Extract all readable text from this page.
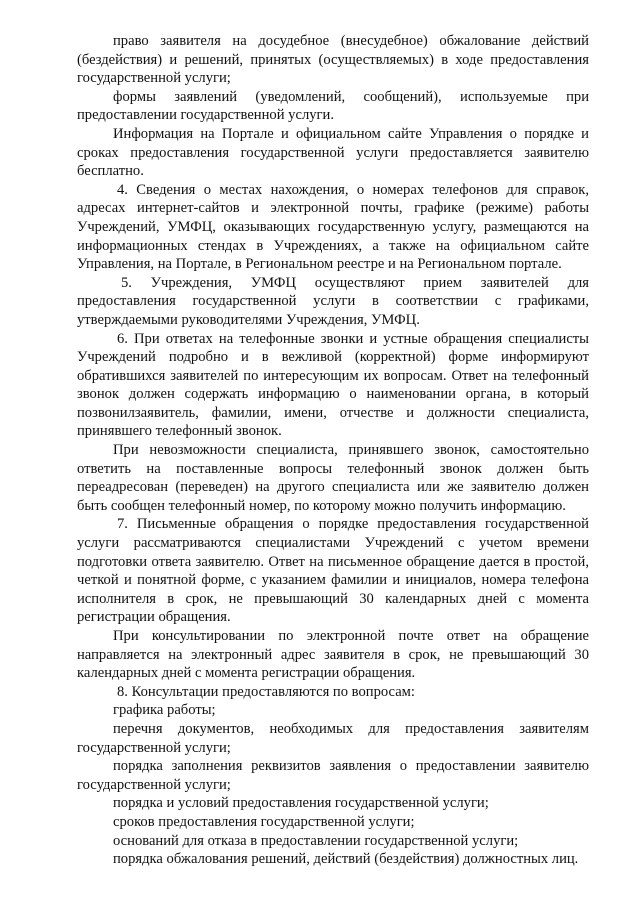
право заявителя на досудебное (внесудебное) обжалование действий (бездействия) и решений, принятых (осуществляемых) в ходе предоставления государственной услуги;

формы заявлений (уведомлений, сообщений), используемые при предоставлении государственной услуги.

Информация на Портале и официальном сайте Управления о порядке и сроках предоставления государственной услуги предоставляется заявителю бесплатно.

4. Сведения о местах нахождения, о номерах телефонов для справок, адресах интернет-сайтов и электронной почты, графике (режиме) работы Учреждений, УМФЦ, оказывающих государственную услугу, размещаются на информационных стендах в Учреждениях, а также на официальном сайте Управления, на Портале, в Региональном реестре и на Региональном портале.

5. Учреждения, УМФЦ осуществляют прием заявителей для предоставления государственной услуги в соответствии с графиками, утверждаемыми руководителями Учреждения, УМФЦ.

6. При ответах на телефонные звонки и устные обращения специалисты Учреждений подробно и в вежливой (корректной) форме информируют обратившихся заявителей по интересующим их вопросам. Ответ на телефонный звонок должен содержать информацию о наименовании органа, в который позвонилзаявитель, фамилии, имени, отчестве и должности специалиста, принявшего телефонный звонок.

При невозможности специалиста, принявшего звонок, самостоятельно ответить на поставленные вопросы телефонный звонок должен быть переадресован (переведен) на другого специалиста или же заявителю должен быть сообщен телефонный номер, по которому можно получить информацию.

7. Письменные обращения о порядке предоставления государственной услуги рассматриваются специалистами Учреждений с учетом времени подготовки ответа заявителю. Ответ на письменное обращение дается в простой, четкой и понятной форме, с указанием фамилии и инициалов, номера телефона исполнителя в срок, не превышающий 30 календарных дней с момента регистрации обращения.

При консультировании по электронной почте ответ на обращение направляется на электронный адрес заявителя в срок, не превышающий 30 календарных дней с момента регистрации обращения.

8. Консультации предоставляются по вопросам:

графика работы;

перечня документов, необходимых для предоставления заявителям государственной услуги;

порядка заполнения реквизитов заявления о предоставлении заявителю государственной услуги;

порядка и условий предоставления государственной услуги;

сроков предоставления государственной услуги;

оснований для отказа в предоставлении государственной услуги;

порядка обжалования решений, действий (бездействия) должностных лиц.
